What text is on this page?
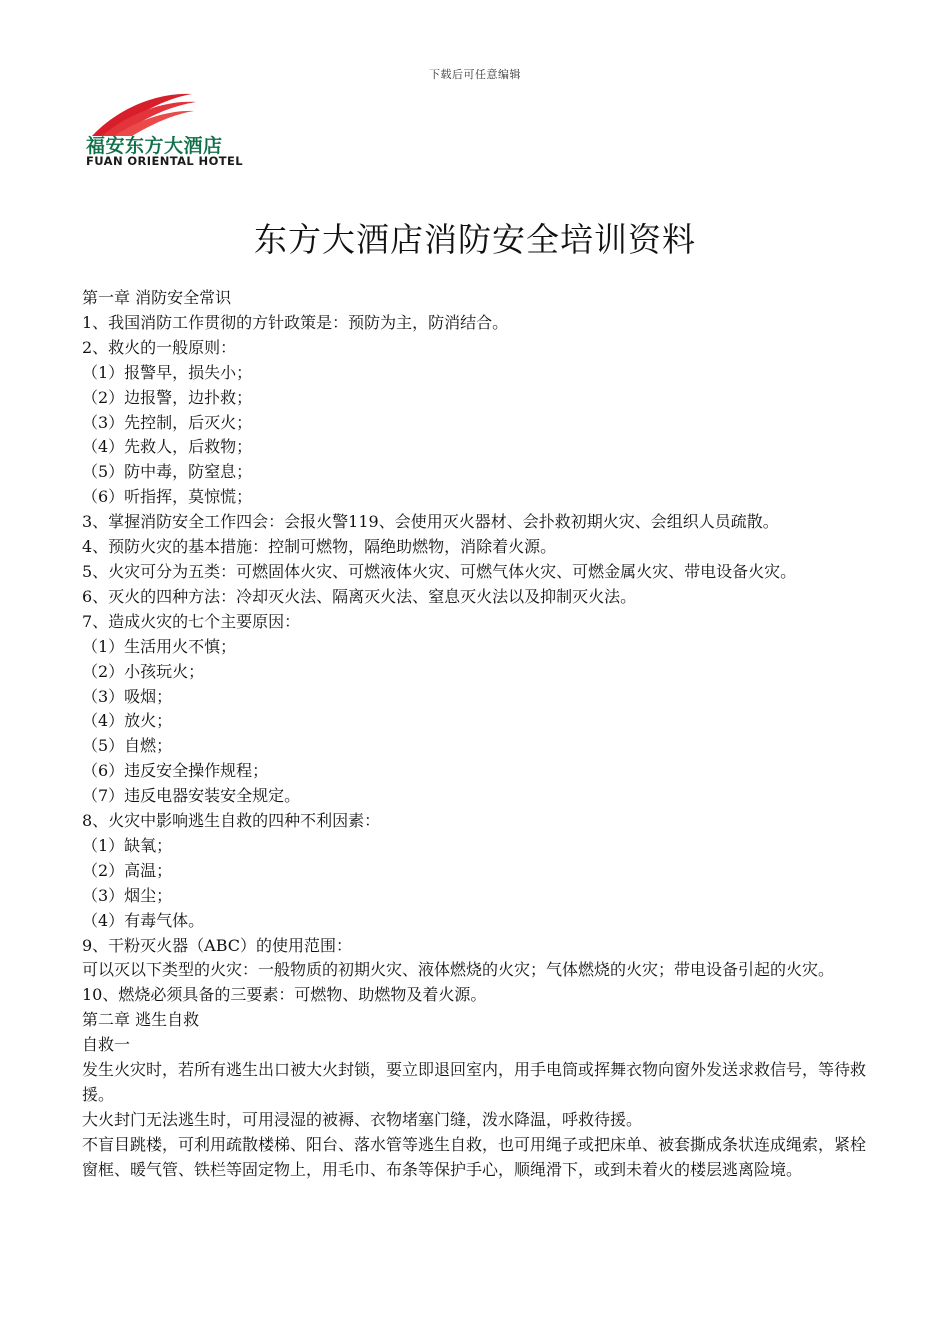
下载后可任意编辑
福安东方大酒店
FUAN ORIENTAL HOTEL
东方大酒店消防安全培训资料

第一章 消防安全常识

1、我国消防工作贯彻的方针政策是：预防为主，防消结合。

2、救火的一般原则：

（1）报警早，损失小；

（2）边报警，边扑救；

（3）先控制，后灭火；

（4）先救人，后救物；

（5）防中毒，防窒息；

（6）听指挥，莫惊慌；

3、掌握消防安全工作四会：会报火警119、会使用灭火器材、会扑救初期火灾、会组织人员疏散。

4、预防火灾的基本措施：控制可燃物，隔绝助燃物，消除着火源。

5、火灾可分为五类：可燃固体火灾、可燃液体火灾、可燃气体火灾、可燃金属火灾、带电设备火灾。

6、灭火的四种方法：冷却灭火法、隔离灭火法、窒息灭火法以及抑制灭火法。

7、造成火灾的七个主要原因：

（1）生活用火不慎；

（2）小孩玩火；

（3）吸烟；

（4）放火；

（5）自燃；

（6）违反安全操作规程；

（7）违反电器安装安全规定。

8、火灾中影响逃生自救的四种不利因素：

（1）缺氧；

（2）高温；

（3）烟尘；

（4）有毒气体。

9、干粉灭火器（ABC）的使用范围：

可以灭以下类型的火灾：一般物质的初期火灾、液体燃烧的火灾；气体燃烧的火灾；带电设备引起的火灾。

10、燃烧必须具备的三要素：可燃物、助燃物及着火源。

第二章 逃生自救

自救一

发生火灾时，若所有逃生出口被大火封锁，要立即退回室内，用手电筒或挥舞衣物向窗外发送求救信号，等待救援。

大火封门无法逃生时，可用浸湿的被褥、衣物堵塞门缝，泼水降温，呼救待援。

不盲目跳楼，可利用疏散楼梯、阳台、落水管等逃生自救，也可用绳子或把床单、被套撕成条状连成绳索，紧栓窗框、暖气管、铁栏等固定物上，用毛巾、布条等保护手心，顺绳滑下，或到未着火的楼层逃离险境。
